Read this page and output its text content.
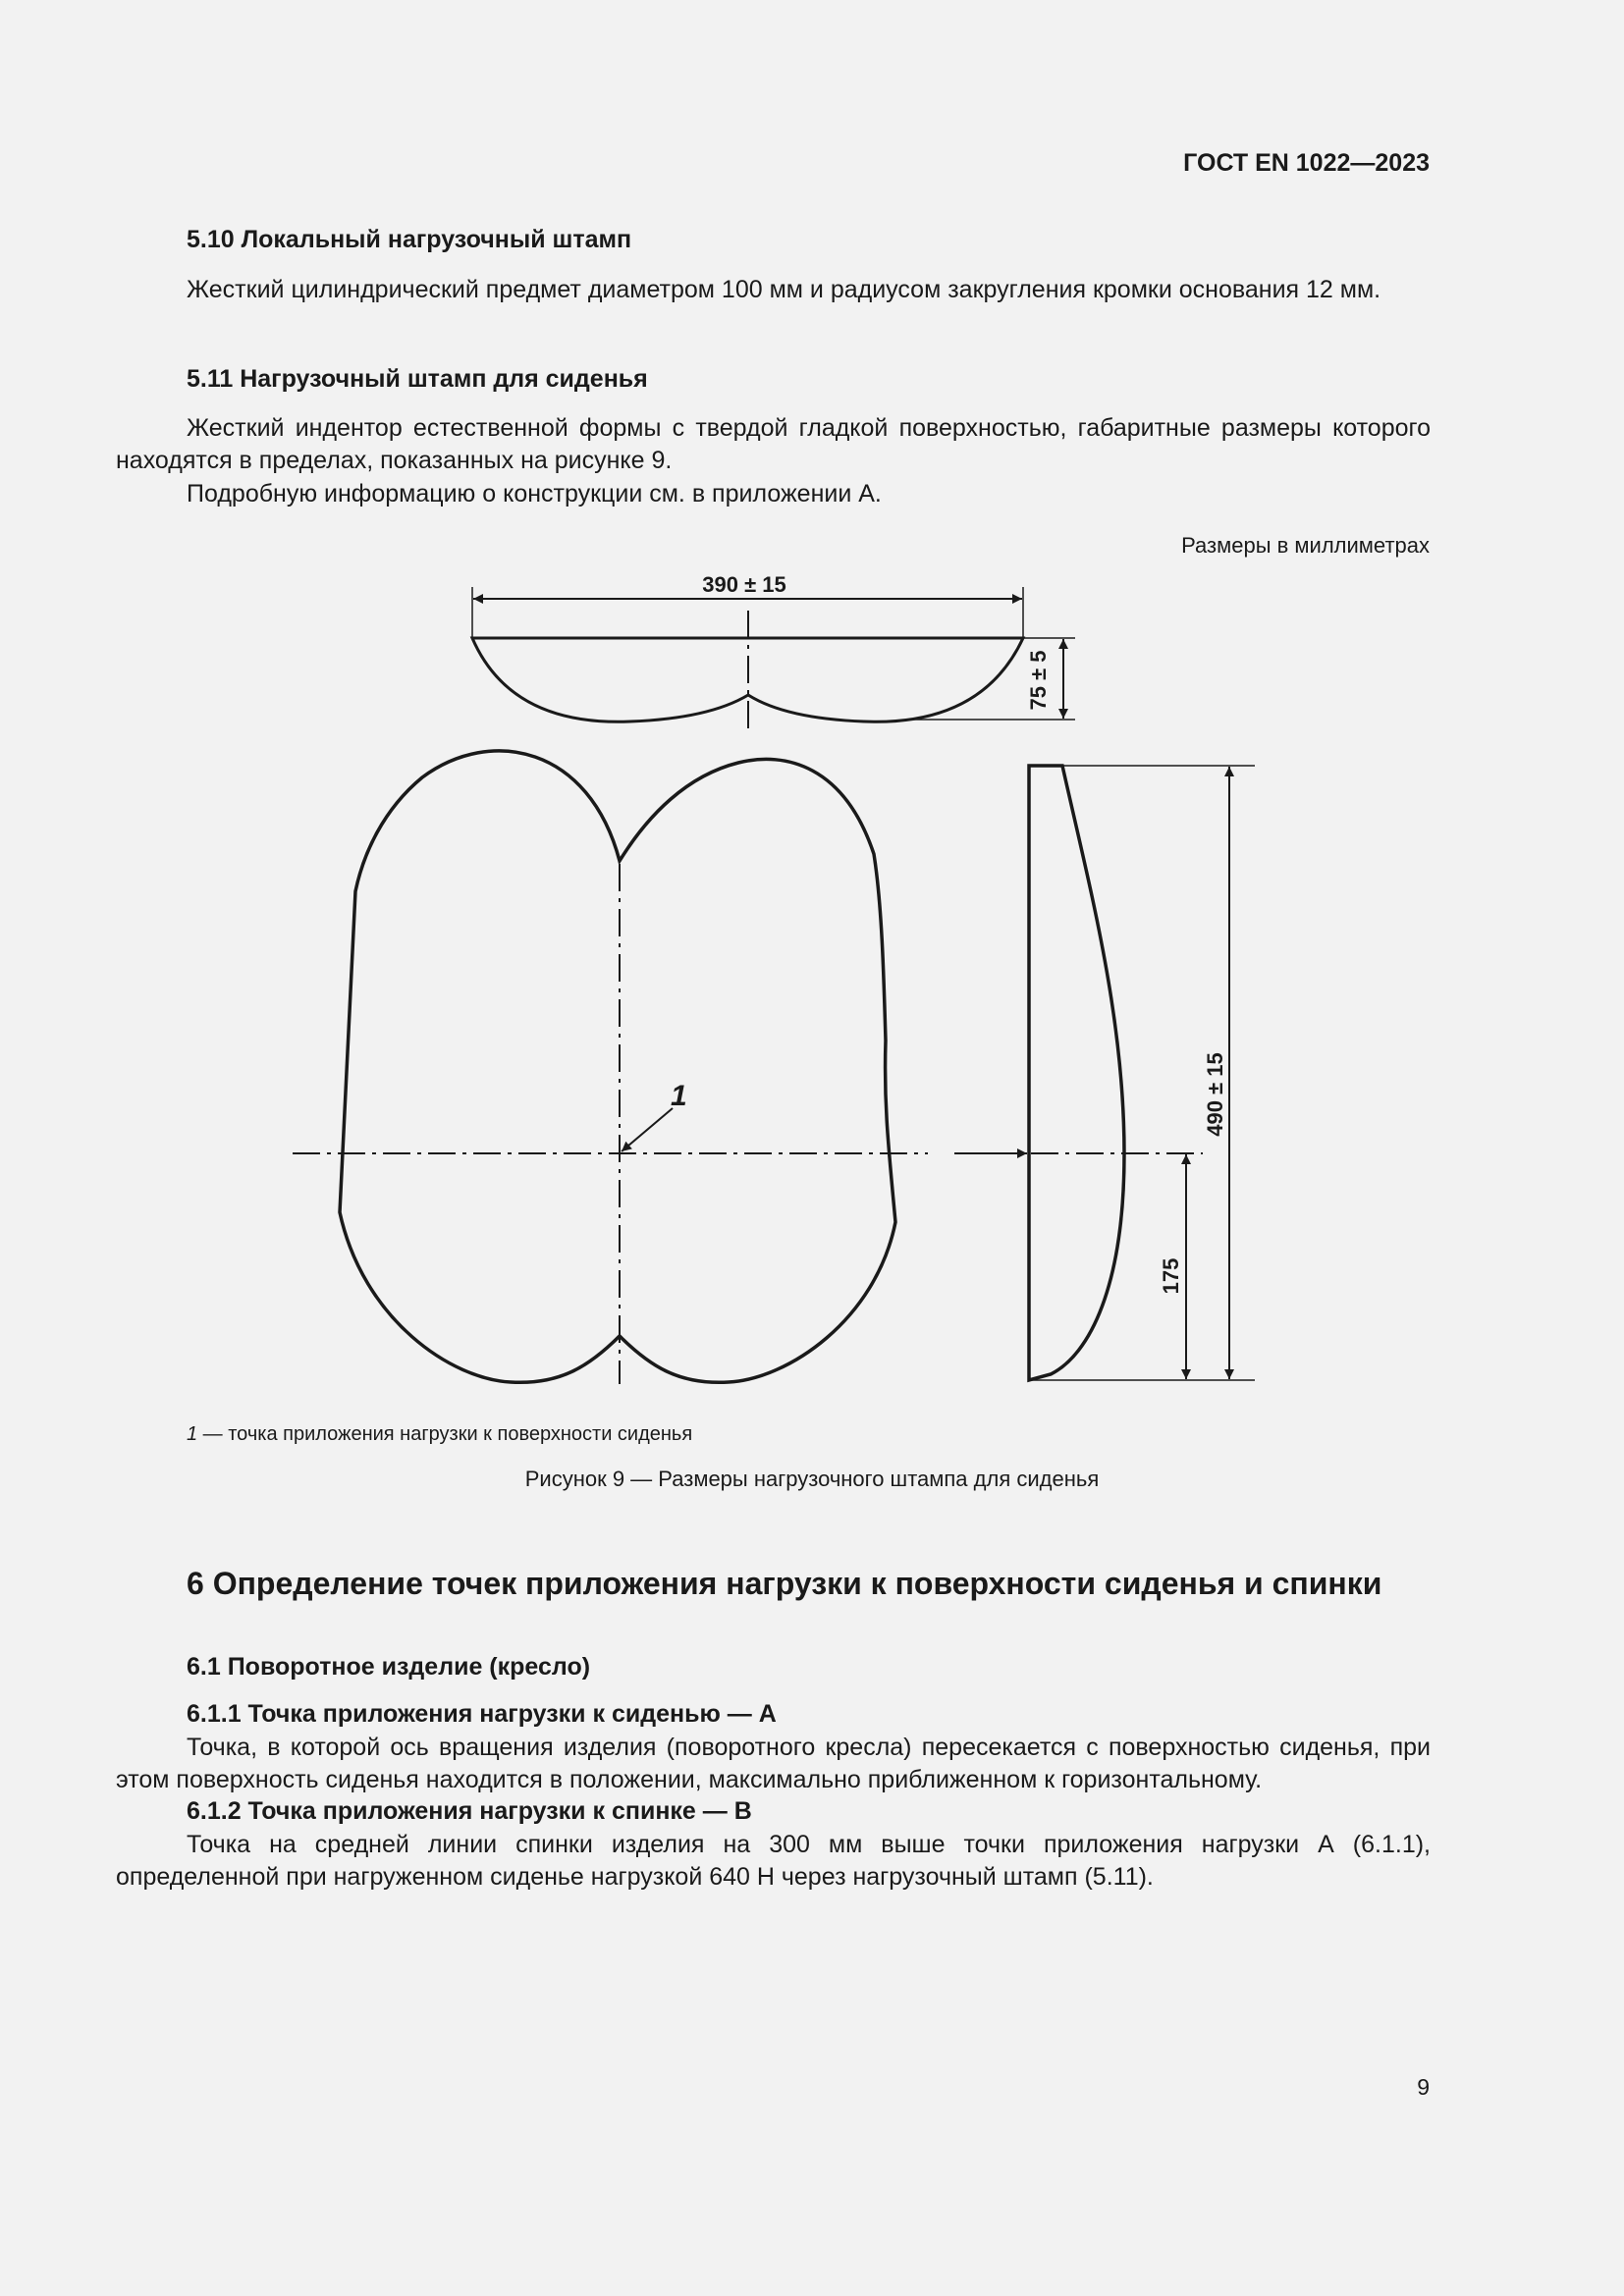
ГОСТ EN 1022—2023
5.10 Локальный нагрузочный штамп

Жесткий цилиндрический предмет диаметром 100 мм и радиусом закругления кромки основания 12 мм.

5.11 Нагрузочный штамп для сиденья

Жесткий индентор естественной формы с твердой гладкой поверхностью, габаритные размеры которого находятся в пределах, показанных на рисунке 9.

Подробную информацию о конструкции см. в приложении А.

Размеры в миллиметрах
390 ± 15
75 ± 5
490 ± 15
175
1
1 — точка приложения нагрузки к поверхности сиденья
Рисунок 9 — Размеры нагрузочного штампа для сиденья
6 Определение точек приложения нагрузки к поверхности сиденья и спинки
6.1 Поворотное изделие (кресло)
6.1.1 Точка приложения нагрузки к сиденью — А

Точка, в которой ось вращения изделия (поворотного кресла) пересекается с поверхностью сиденья, при этом поверхность сиденья находится в положении, максимально приближенном к горизонтальному.

6.1.2 Точка приложения нагрузки к спинке — В

Точка на средней линии спинки изделия на 300 мм выше точки приложения нагрузки А (6.1.1), определенной при нагруженном сиденье нагрузкой 640 Н через нагрузочный штамп (5.11).

9
